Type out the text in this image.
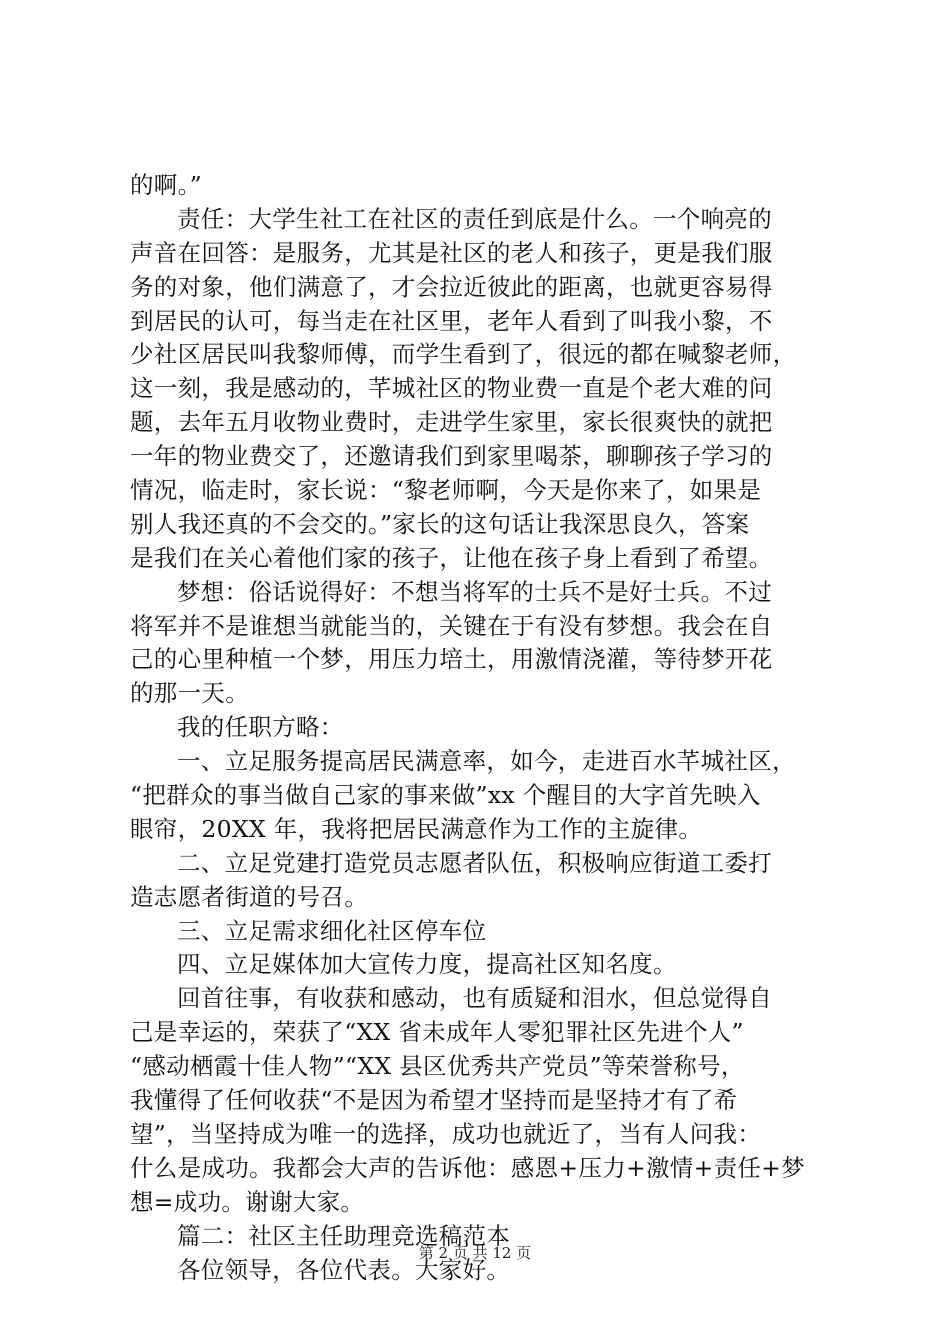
的啊。”
责任：大学生社工在社区的责任到底是什么。一个响亮的
声音在回答：是服务，尤其是社区的老人和孩子，更是我们服
务的对象，他们满意了，才会拉近彼此的距离，也就更容易得
到居民的认可，每当走在社区里，老年人看到了叫我小黎，不
少社区居民叫我黎师傅，而学生看到了，很远的都在喊黎老师，
这一刻，我是感动的，芊城社区的物业费一直是个老大难的问
题，去年五月收物业费时，走进学生家里，家长很爽快的就把
一年的物业费交了，还邀请我们到家里喝茶，聊聊孩子学习的
情况，临走时，家长说：“黎老师啊，今天是你来了，如果是
别人我还真的不会交的。”家长的这句话让我深思良久，答案
是我们在关心着他们家的孩子，让他在孩子身上看到了希望。
梦想：俗话说得好：不想当将军的士兵不是好士兵。不过
将军并不是谁想当就能当的，关键在于有没有梦想。我会在自
己的心里种植一个梦，用压力培土，用激情浇灌，等待梦开花
的那一天。
我的任职方略：
一、立足服务提高居民满意率，如今，走进百水芊城社区，
“把群众的事当做自己家的事来做”xx 个醒目的大字首先映入
眼帘，20XX 年，我将把居民满意作为工作的主旋律。
二、立足党建打造党员志愿者队伍，积极响应街道工委打
造志愿者街道的号召。
三、立足需求细化社区停车位
四、立足媒体加大宣传力度，提高社区知名度。
回首往事，有收获和感动，也有质疑和泪水，但总觉得自
己是幸运的，荣获了“XX 省未成年人零犯罪社区先进个人”
“感动栖霞十佳人物”“XX 县区优秀共产党员”等荣誉称号，
我懂得了任何收获“不是因为希望才坚持而是坚持才有了希
望”，当坚持成为唯一的选择，成功也就近了，当有人问我：
什么是成功。我都会大声的告诉他：感恩+压力+激情+责任+梦
想=成功。谢谢大家。
篇二：社区主任助理竞选稿范本
各位领导，各位代表。大家好。
第 2 页 共 12 页
